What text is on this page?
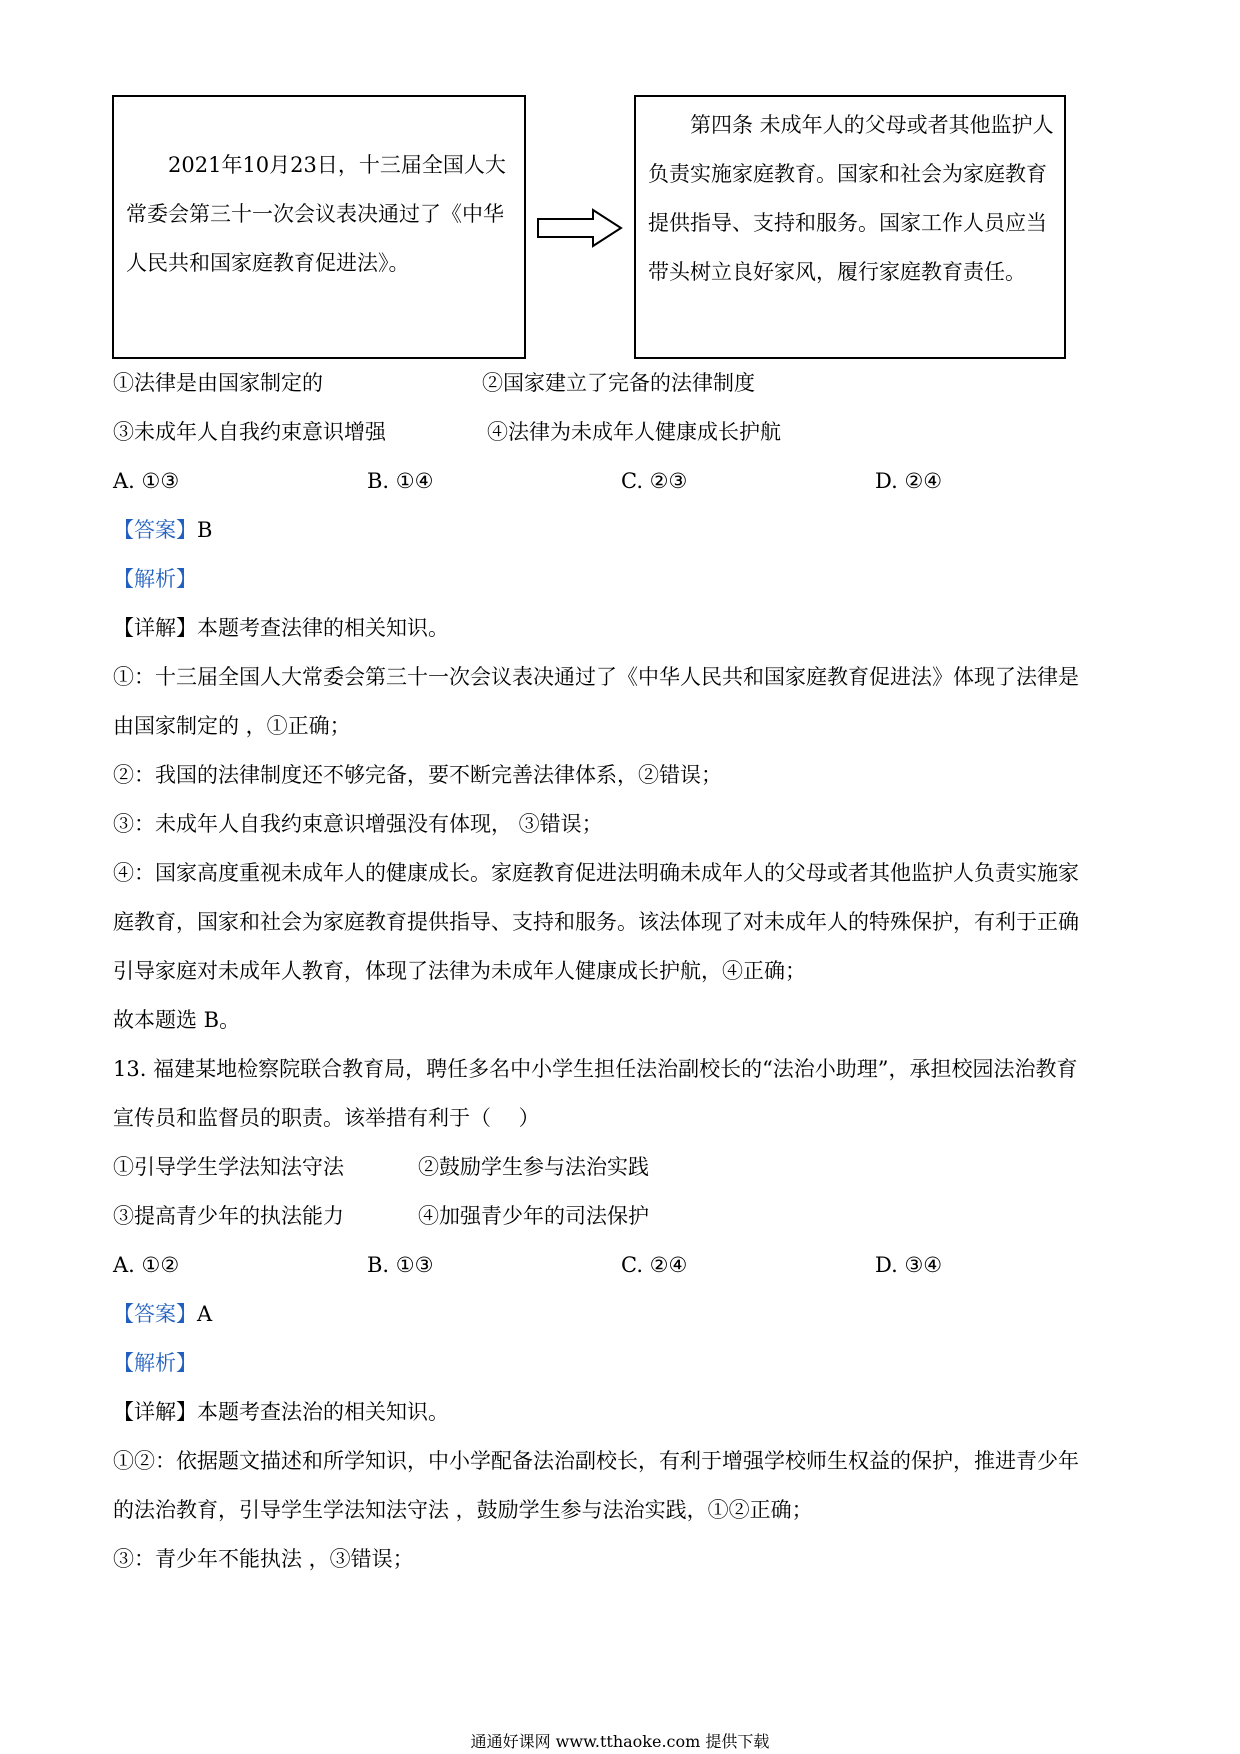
2021年10月23日，十三届全国人大常委会第三十一次会议表决通过了《中华人民共和国家庭教育促进法》。

第四条 未成年人的父母或者其他监护人负责实施家庭教育。国家和社会为家庭教育提供指导、支持和服务。国家工作人员应当带头树立良好家风，履行家庭教育责任。

①法律是由国家制定的	②国家建立了完备的法律制度
③未成年人自我约束意识增强	④法律为未成年人健康成长护航
A. ①③	B. ①④	C. ②③	D. ②④
【答案】B
【解析】
【详解】本题考查法律的相关知识。
①：十三届全国人大常委会第三十一次会议表决通过了《中华人民共和国家庭教育促进法》体现了法律是
由国家制定的 ，①正确；
②：我国的法律制度还不够完备，要不断完善法律体系，②错误；
③：未成年人自我约束意识增强没有体现， ③错误；
④：国家高度重视未成年人的健康成长。家庭教育促进法明确未成年人的父母或者其他监护人负责实施家
庭教育，国家和社会为家庭教育提供指导、支持和服务。该法体现了对未成年人的特殊保护，有利于正确
引导家庭对未成年人教育，体现了法律为未成年人健康成长护航，④正确；
故本题选 B。
13. 福建某地检察院联合教育局，聘任多名中小学生担任法治副校长的“法治小助理”，承担校园法治教育
宣传员和监督员的职责。该举措有利于（　 ）
①引导学生学法知法守法	②鼓励学生参与法治实践
③提高青少年的执法能力	④加强青少年的司法保护
A. ①②	B. ①③	C. ②④	D. ③④
【答案】A
【解析】
【详解】本题考查法治的相关知识。
①②：依据题文描述和所学知识，中小学配备法治副校长，有利于增强学校师生权益的保护，推进青少年
的法治教育，引导学生学法知法守法 ，鼓励学生参与法治实践，①②正确；
③：青少年不能执法 ，③错误；
通通好课网 www.tthaoke.com 提供下载
